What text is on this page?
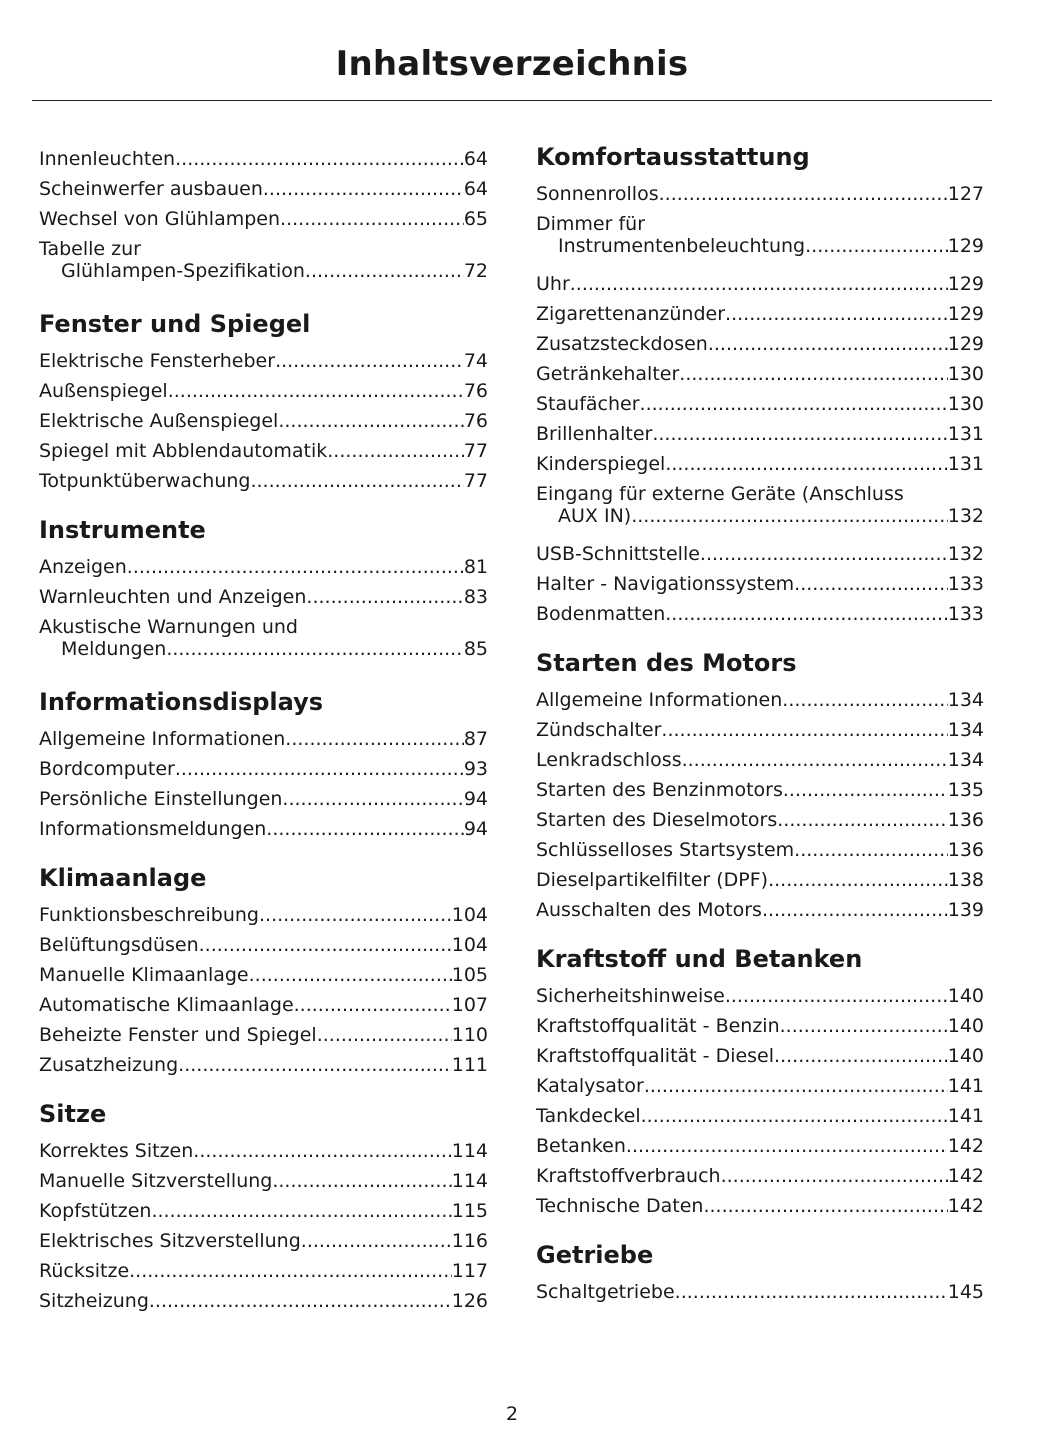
Inhaltsverzeichnis
Innenleuchten .....	64
Scheinwerfer ausbauen .....	64
Wechsel von Glühlampen .....	65
Tabelle zur
Glühlampen-Spezifikation .....	72
Fenster und Spiegel
Elektrische Fensterheber .....	74
Außenspiegel .....	76
Elektrische Außenspiegel .....	76
Spiegel mit Abblendautomatik .....	77
Totpunktüberwachung .....	77
Instrumente
Anzeigen .....	81
Warnleuchten und Anzeigen .....	83
Akustische Warnungen und
Meldungen .....	85
Informationsdisplays
Allgemeine Informationen .....	87
Bordcomputer .....	93
Persönliche Einstellungen .....	94
Informationsmeldungen .....	94
Klimaanlage
Funktionsbeschreibung .....	104
Belüftungsdüsen .....	104
Manuelle Klimaanlage .....	105
Automatische Klimaanlage .....	107
Beheizte Fenster und Spiegel .....	110
Zusatzheizung .....	111
Sitze
Korrektes Sitzen .....	114
Manuelle Sitzverstellung .....	114
Kopfstützen .....	115
Elektrisches Sitzverstellung .....	116
Rücksitze .....	117
Sitzheizung .....	126
Komfortausstattung
Sonnenrollos .....	127
Dimmer für
Instrumentenbeleuchtung .....	129
Uhr .....	129
Zigarettenanzünder .....	129
Zusatzsteckdosen .....	129
Getränkehalter .....	130
Staufächer .....	130
Brillenhalter .....	131
Kinderspiegel .....	131
Eingang für externe Geräte (Anschluss
AUX IN) .....	132
USB-Schnittstelle .....	132
Halter - Navigationssystem .....	133
Bodenmatten .....	133
Starten des Motors
Allgemeine Informationen .....	134
Zündschalter .....	134
Lenkradschloss .....	134
Starten des Benzinmotors .....	135
Starten des Dieselmotors .....	136
Schlüsselloses Startsystem .....	136
Dieselpartikelfilter (DPF) .....	138
Ausschalten des Motors .....	139
Kraftstoff und Betanken
Sicherheitshinweise .....	140
Kraftstoffqualität - Benzin .....	140
Kraftstoffqualität - Diesel .....	140
Katalysator .....	141
Tankdeckel .....	141
Betanken .....	142
Kraftstoffverbrauch .....	142
Technische Daten .....	142
Getriebe
Schaltgetriebe .....	145
2
